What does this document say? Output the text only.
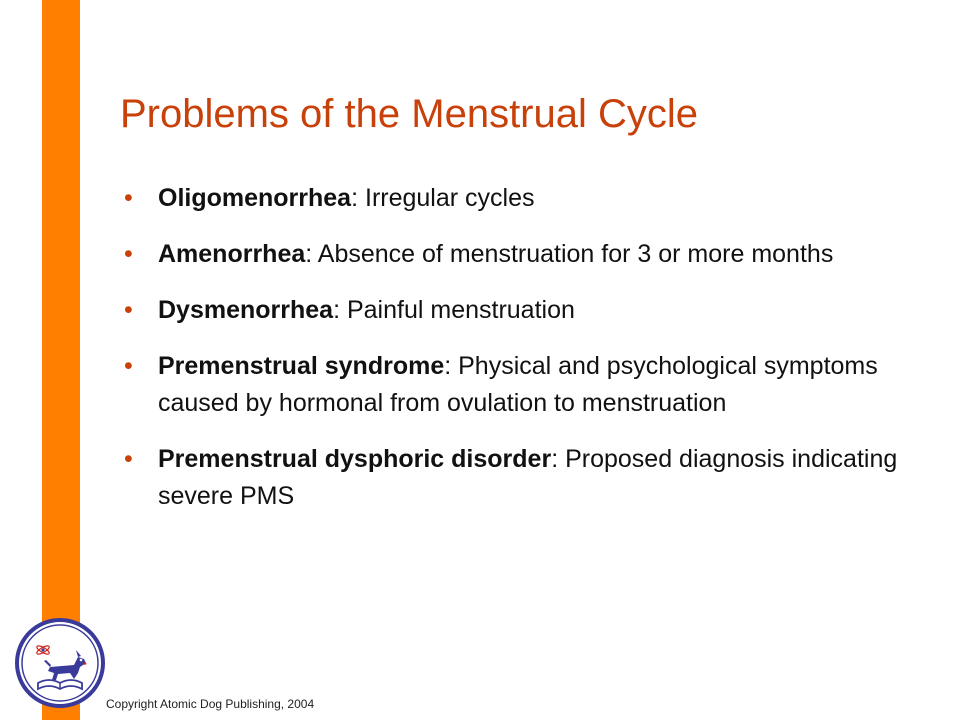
Problems of the Menstrual Cycle
• Oligomenorrhea: Irregular cycles
• Amenorrhea: Absence of menstruation for 3 or more months
• Dysmenorrhea: Painful menstruation
• Premenstrual syndrome: Physical and psychological symptoms caused by hormonal from ovulation to menstruation
• Premenstrual dysphoric disorder: Proposed diagnosis indicating severe PMS
Copyright Atomic Dog Publishing, 2004
